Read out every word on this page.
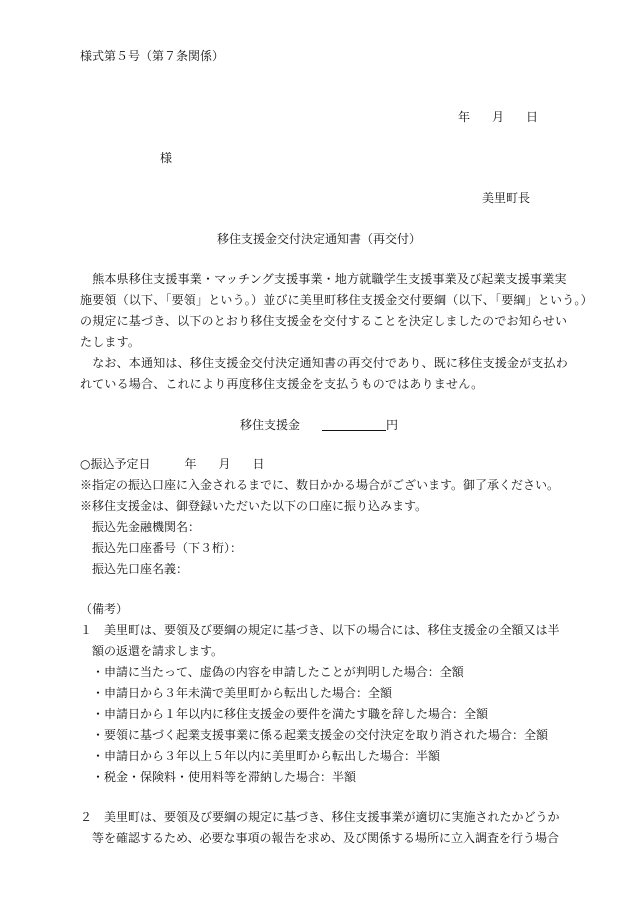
様式第５号（第７条関係）
年 月 日
様
美里町長
移住支援金交付決定通知書（再交付）
　熊本県移住支援事業・マッチング支援事業・地方就職学生支援事業及び起業支援事業実
施要領（以下、「要領」という。）並びに美里町移住支援金交付要綱（以下、「要綱」という。）
の規定に基づき、以下のとおり移住支援金を交付することを決定しましたのでお知らせい
たします。
　なお、本通知は、移住支援金交付決定通知書の再交付であり、既に移住支援金が支払わ
れている場合、これにより再度移住支援金を支払うものではありません。
移住支援金	円
○振込予定日	年 月 日
※指定の振込口座に入金されるまでに、数日かかる場合がございます。御了承ください。
※移住支援金は、御登録いただいた以下の口座に振り込みます。
振込先金融機関名：
振込先口座番号（下３桁）：
振込先口座名義：
（備考）
１ 美里町は、要領及び要綱の規定に基づき、以下の場合には、移住支援金の全額又は半
額の返還を請求します。
・申請に当たって、虚偽の内容を申請したことが判明した場合：全額
・申請日から３年未満で美里町から転出した場合：全額
・申請日から１年以内に移住支援金の要件を満たす職を辞した場合：全額
・要領に基づく起業支援事業に係る起業支援金の交付決定を取り消された場合：全額
・申請日から３年以上５年以内に美里町から転出した場合：半額
・税金・保険料・使用料等を滞納した場合：半額
２ 美里町は、要領及び要綱の規定に基づき、移住支援事業が適切に実施されたかどうか
等を確認するため、必要な事項の報告を求め、及び関係する場所に立入調査を行う場合
